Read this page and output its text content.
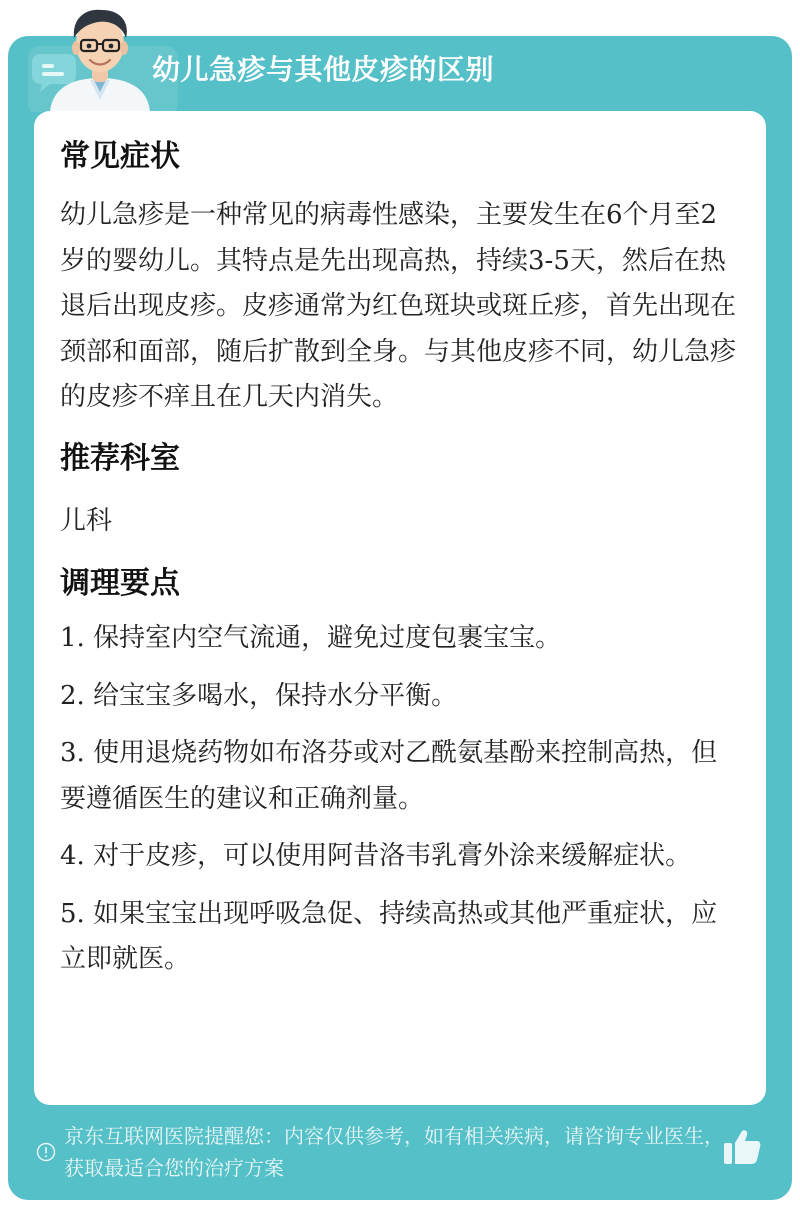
幼儿急疹与其他皮疹的区别
常见症状

幼儿急疹是一种常见的病毒性感染，主要发生在6个月至2岁的婴幼儿。其特点是先出现高热，持续3-5天，然后在热退后出现皮疹。皮疹通常为红色斑块或斑丘疹，首先出现在颈部和面部，随后扩散到全身。与其他皮疹不同，幼儿急疹的皮疹不痒且在几天内消失。

推荐科室

儿科

调理要点
1. 保持室内空气流通，避免过度包裹宝宝。
2. 给宝宝多喝水，保持水分平衡。
3. 使用退烧药物如布洛芬或对乙酰氨基酚来控制高热，但要遵循医生的建议和正确剂量。
4. 对于皮疹，可以使用阿昔洛韦乳膏外涂来缓解症状。
5. 如果宝宝出现呼吸急促、持续高热或其他严重症状，应立即就医。
京东互联网医院提醒您：内容仅供参考，如有相关疾病，请咨询专业医生，获取最适合您的治疗方案
